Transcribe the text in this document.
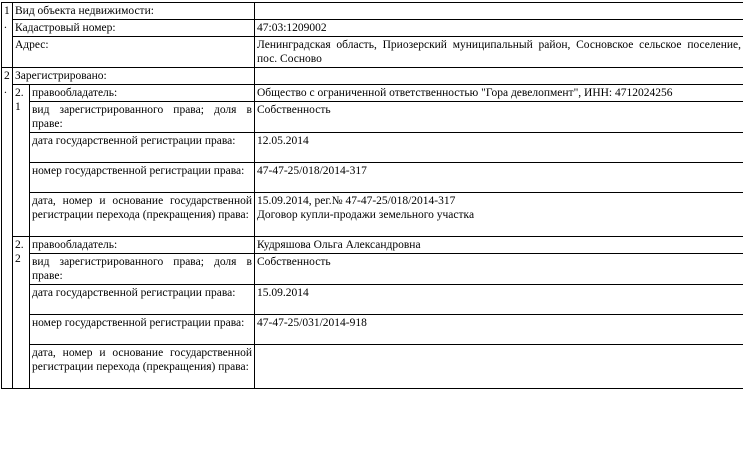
1.	Вид объекта недвижимости:		
	Кадастровый номер:		47:03:1209002
	Адрес:		Ленинградская область, Приозерский муниципальный район, Сосновское сельское поселение, пос. Сосново
2.	Зарегистрировано:		
	2.1	правообладатель:	Общество с ограниченной ответственностью "Гора девелопмент", ИНН: 4712024256
		вид зарегистрированного права; доля в праве:	Собственность
		дата государственной регистрации права:	12.05.2014
		номер государственной регистрации права:	47-47-25/018/2014-317
		дата, номер и основание государственной регистрации перехода (прекращения) права:	15.09.2014, рег.№ 47-47-25/018/2014-317
Договор купли-продажи земельного участка

	2.2	правообладатель:	Кудряшова Ольга Александровна
		вид зарегистрированного права; доля в праве:	Собственность
		дата государственной регистрации права:	15.09.2014
		номер государственной регистрации права:	47-47-25/031/2014-918
		дата, номер и основание государственной регистрации перехода (прекращения) права:	
